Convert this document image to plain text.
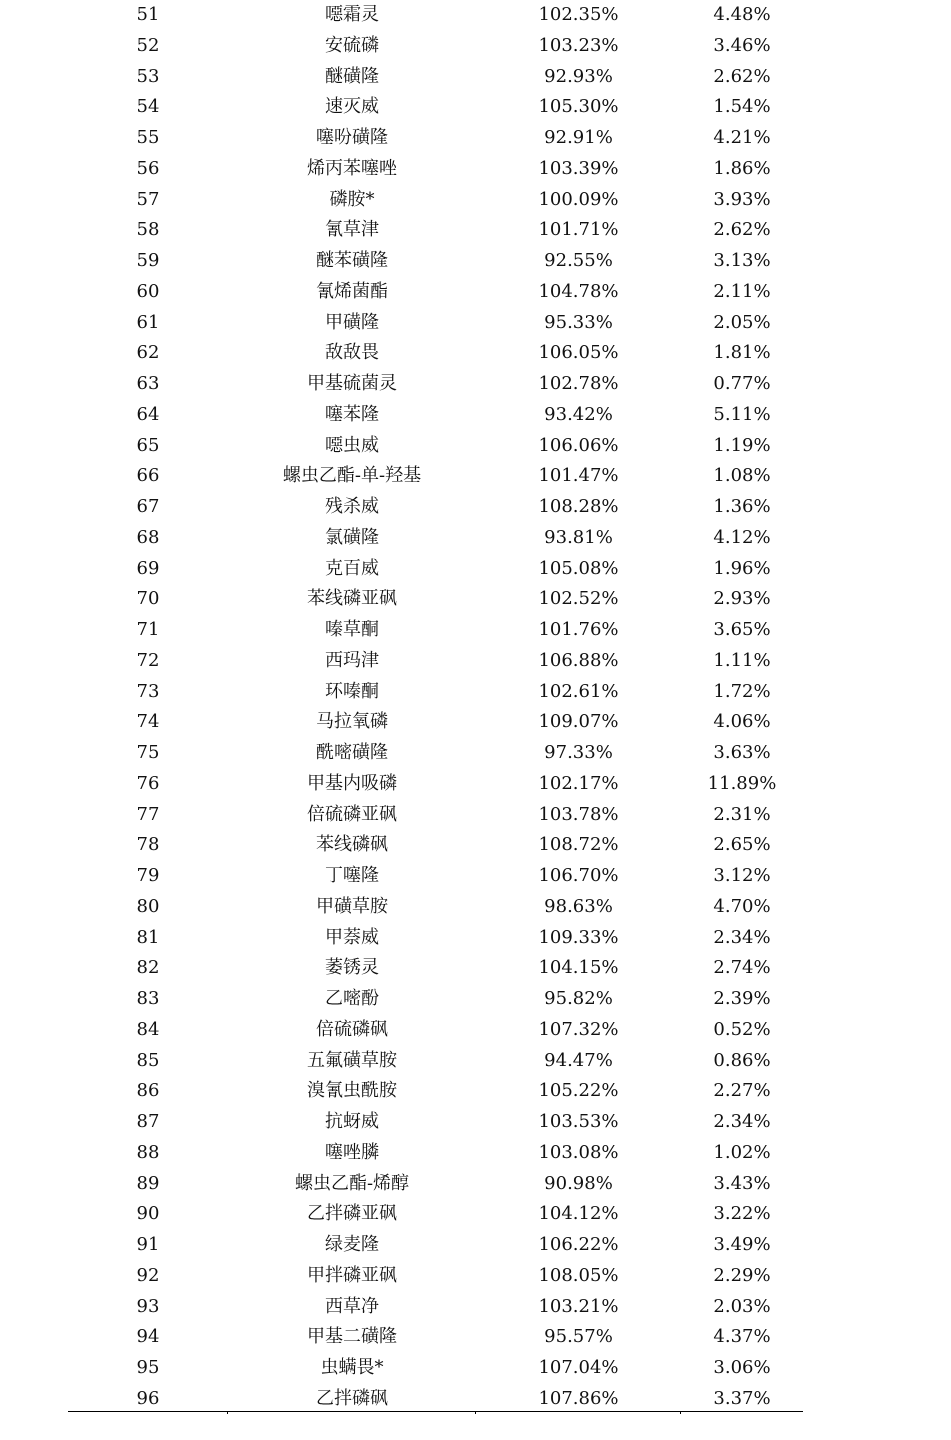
51	噁霜灵	102.35%	4.48%
52	安硫磷	103.23%	3.46%
53	醚磺隆	92.93%	2.62%
54	速灭威	105.30%	1.54%
55	噻吩磺隆	92.91%	4.21%
56	烯丙苯噻唑	103.39%	1.86%
57	磷胺*	100.09%	3.93%
58	氰草津	101.71%	2.62%
59	醚苯磺隆	92.55%	3.13%
60	氰烯菌酯	104.78%	2.11%
61	甲磺隆	95.33%	2.05%
62	敌敌畏	106.05%	1.81%
63	甲基硫菌灵	102.78%	0.77%
64	噻苯隆	93.42%	5.11%
65	噁虫威	106.06%	1.19%
66	螺虫乙酯-单-羟基	101.47%	1.08%
67	残杀威	108.28%	1.36%
68	氯磺隆	93.81%	4.12%
69	克百威	105.08%	1.96%
70	苯线磷亚砜	102.52%	2.93%
71	嗪草酮	101.76%	3.65%
72	西玛津	106.88%	1.11%
73	环嗪酮	102.61%	1.72%
74	马拉氧磷	109.07%	4.06%
75	酰嘧磺隆	97.33%	3.63%
76	甲基内吸磷	102.17%	11.89%
77	倍硫磷亚砜	103.78%	2.31%
78	苯线磷砜	108.72%	2.65%
79	丁噻隆	106.70%	3.12%
80	甲磺草胺	98.63%	4.70%
81	甲萘威	109.33%	2.34%
82	萎锈灵	104.15%	2.74%
83	乙嘧酚	95.82%	2.39%
84	倍硫磷砜	107.32%	0.52%
85	五氟磺草胺	94.47%	0.86%
86	溴氰虫酰胺	105.22%	2.27%
87	抗蚜威	103.53%	2.34%
88	噻唑膦	103.08%	1.02%
89	螺虫乙酯-烯醇	90.98%	3.43%
90	乙拌磷亚砜	104.12%	3.22%
91	绿麦隆	106.22%	3.49%
92	甲拌磷亚砜	108.05%	2.29%
93	西草净	103.21%	2.03%
94	甲基二磺隆	95.57%	4.37%
95	虫螨畏*	107.04%	3.06%
96	乙拌磷砜	107.86%	3.37%
